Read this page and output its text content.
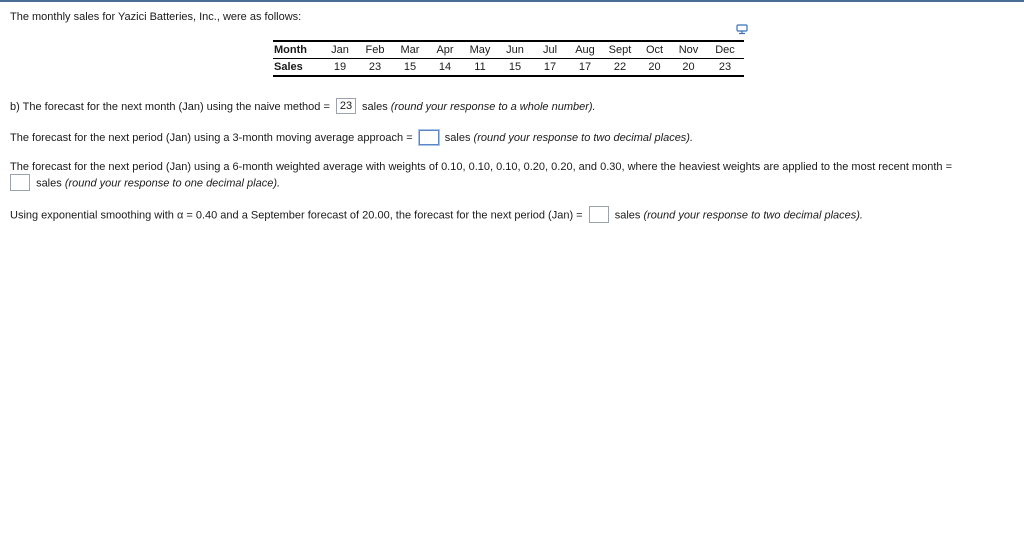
The monthly sales for Yazici Batteries, Inc., were as follows:

Month	Jan	Feb	Mar	Apr	May	Jun	Jul	Aug	Sept	Oct	Nov	Dec
Sales	19	23	15	14	11	15	17	17	22	20	20	23

b) The forecast for the next month (Jan) using the naive method = 23 sales (round your response to a whole number).

The forecast for the next period (Jan) using a 3-month moving average approach =	sales (round your response to two decimal places).

The forecast for the next period (Jan) using a 6-month weighted average with weights of 0.10, 0.10, 0.10, 0.20, 0.20, and 0.30, where the heaviest weights are applied to the most recent month =

sales (round your response to one decimal place).

Using exponential smoothing with α = 0.40 and a September forecast of 20.00, the forecast for the next period (Jan) =	sales (round your response to two decimal places).
